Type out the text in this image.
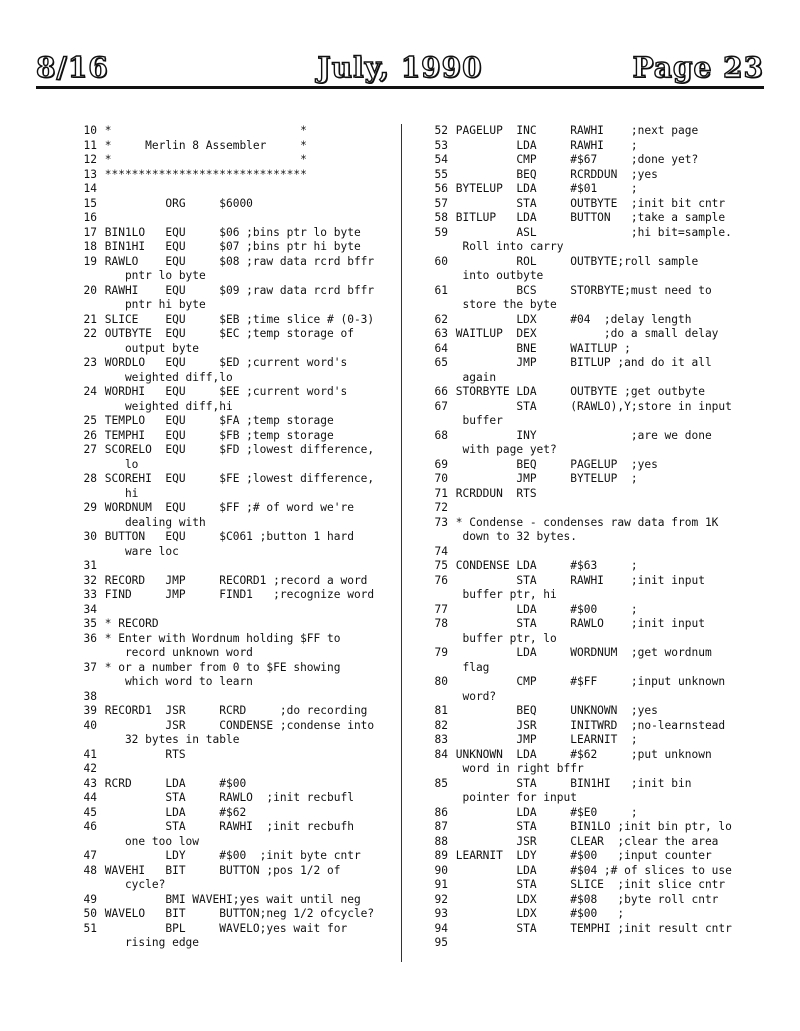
8/16	July, 1990	Page 23
10 *                            *
11 *     Merlin 8 Assembler     *
12 *                            *
13 ******************************
14
15          ORG     $6000
16
17 BIN1LO   EQU     $06 ;bins ptr lo byte
18 BIN1HI   EQU     $07 ;bins ptr hi byte
19 RAWLO    EQU     $08 ;raw data rcrd bffr
pntr lo byte
20 RAWHI    EQU     $09 ;raw data rcrd bffr
pntr hi byte
21 SLICE    EQU     $EB ;time slice # (0-3)
22 OUTBYTE  EQU     $EC ;temp storage of
output byte
23 WORDLO   EQU     $ED ;current word's
weighted diff,lo
24 WORDHI   EQU     $EE ;current word's
weighted diff,hi
25 TEMPLO   EQU     $FA ;temp storage
26 TEMPHI   EQU     $FB ;temp storage
27 SCORELO  EQU     $FD ;lowest difference,
lo
28 SCOREHI  EQU     $FE ;lowest difference,
hi
29 WORDNUM  EQU     $FF ;# of word we're
dealing with
30 BUTTON   EQU     $C061 ;button 1 hard
ware loc
31
32 RECORD   JMP     RECORD1 ;record a word
33 FIND     JMP     FIND1   ;recognize word
34
35 * RECORD
36 * Enter with Wordnum holding $FF to
record unknown word
37 * or a number from 0 to $FE showing
which word to learn
38
39 RECORD1  JSR     RCRD     ;do recording
40          JSR     CONDENSE ;condense into
32 bytes in table
41          RTS
42
43 RCRD     LDA     #$00
44          STA     RAWLO  ;init recbufl
45          LDA     #$62
46          STA     RAWHI  ;init recbufh
one too low
47          LDY     #$00  ;init byte cntr
48 WAVEHI   BIT     BUTTON ;pos 1/2 of
cycle?
49          BMI WAVEHI;yes wait until neg
50 WAVELO   BIT     BUTTON;neg 1/2 ofcycle?
51          BPL     WAVELO;yes wait for
rising edge
52 PAGELUP  INC     RAWHI    ;next page
53          LDA     RAWHI    ;
54          CMP     #$67     ;done yet?
55          BEQ     RCRDDUN  ;yes
56 BYTELUP  LDA     #$01     ;
57          STA     OUTBYTE  ;init bit cntr
58 BITLUP   LDA     BUTTON   ;take a sample
59          ASL              ;hi bit=sample.
Roll into carry
60          ROL     OUTBYTE;roll sample
into outbyte
61          BCS     STORBYTE;must need to
store the byte
62          LDX     #04  ;delay length
63 WAITLUP  DEX          ;do a small delay
64          BNE     WAITLUP ;
65          JMP     BITLUP ;and do it all
again
66 STORBYTE LDA     OUTBYTE ;get outbyte
67          STA     (RAWLO),Y;store in input
buffer
68          INY              ;are we done
with page yet?
69          BEQ     PAGELUP  ;yes
70          JMP     BYTELUP  ;
71 RCRDDUN  RTS
72
73 * Condense - condenses raw data from 1K
down to 32 bytes.
74
75 CONDENSE LDA     #$63     ;
76          STA     RAWHI    ;init input
buffer ptr, hi
77          LDA     #$00     ;
78          STA     RAWLO    ;init input
buffer ptr, lo
79          LDA     WORDNUM  ;get wordnum
flag
80          CMP     #$FF     ;input unknown
word?
81          BEQ     UNKNOWN  ;yes
82          JSR     INITWRD  ;no-learnstead
83          JMP     LEARNIT  ;
84 UNKNOWN  LDA     #$62     ;put unknown
word in right bffr
85          STA     BIN1HI   ;init bin
pointer for input
86          LDA     #$E0     ;
87          STA     BIN1LO ;init bin ptr, lo
88          JSR     CLEAR  ;clear the area
89 LEARNIT  LDY     #$00   ;input counter
90          LDA     #$04 ;# of slices to use
91          STA     SLICE  ;init slice cntr
92          LDX     #$08   ;byte roll cntr
93          LDX     #$00   ;
94          STA     TEMPHI ;init result cntr
95
